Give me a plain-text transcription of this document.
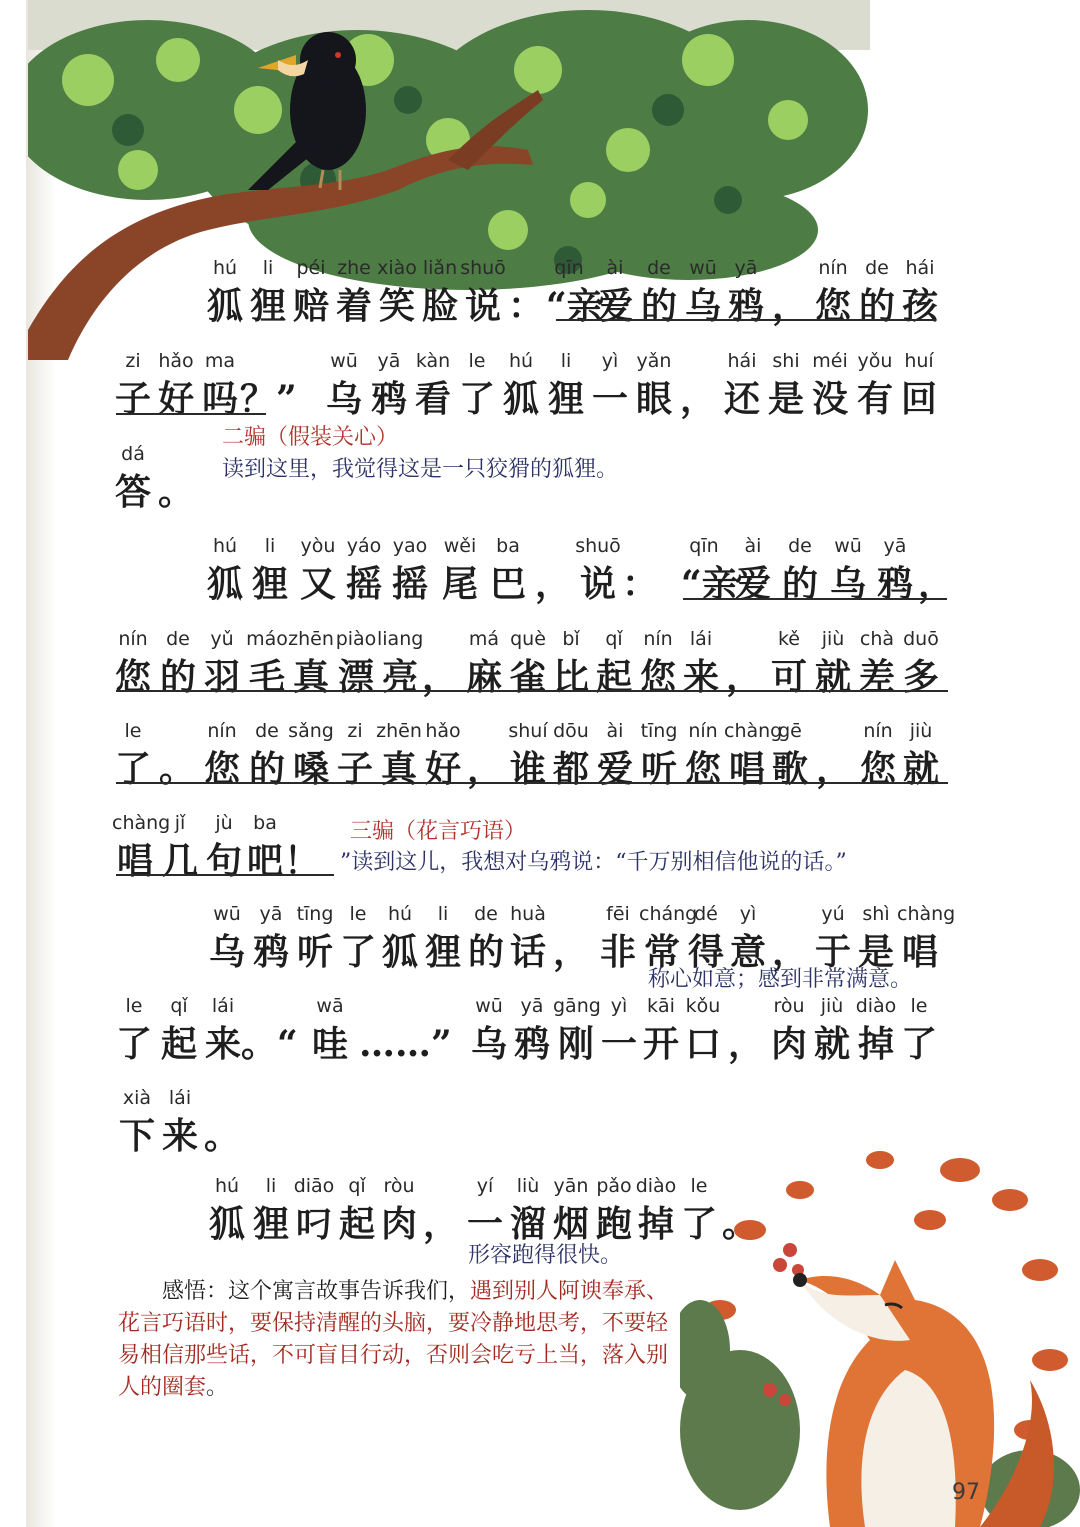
hú
狐
li
狸
péi
赔
zhe
着
xiào
笑
liǎn
脸
shuō
说 ：
qīn
“亲
ài
爱
de
的
wū
乌
yā
鸦 ，
nín
您
de
的
hái
孩
zi
子
hǎo
好
ma
吗 ？”
wū
乌
yā
鸦
kàn
看
le
了
hú
狐
li
狸
yì
一
yǎn
眼 ，
hái
还
shi
是
méi
没
yǒu
有
huí
回
dá
答 。
hú
狐
li
狸
yòu
又
yáo
摇
yao
摇
wěi
尾
ba
巴 ，
shuō
说 ：
qīn
“亲
ài
爱
de
的
wū
乌
yā
鸦 ，
nín
您
de
的
yǔ
羽
máo
毛
zhēn
真
piào
漂
liang
亮 ，
má
麻
què
雀
bǐ
比
qǐ
起
nín
您
lái
来 ，
kě
可
jiù
就
chà
差
duō
多
le
了 。
nín
您
de
的
sǎng
嗓
zi
子
zhēn
真
hǎo
好 ，
shuí
谁
dōu
都
ài
爱
tīng
听
nín
您
chàng
唱
gē
歌 ，
nín
您
jiù
就
chàng
唱
jǐ
几
jù
句
ba
吧 ！
wū
乌
yā
鸦
tīng
听
le
了
hú
狐
li
狸
de
的
huà
话 ，
fēi
非
cháng
常
dé
得
yì
意 ，
yú
于
shì
是
chàng
唱
le
了
qǐ
起
lái
来 。“
wā
哇 ……”
wū
乌
yā
鸦
gāng
刚
yì
一
kāi
开
kǒu
口 ，
ròu
肉
jiù
就
diào
掉
le
了
xià
下
lái
来 。
hú
狐
li
狸
diāo
叼
qǐ
起
ròu
肉 ，
yí
一
liù
溜
yān
烟
pǎo
跑
diào
掉
le
了 。
二骗（假装关心）
读到这里，我觉得这是一只狡猾的狐狸。
三骗（花言巧语）
”读到这儿，我想对乌鸦说：“千万别相信他说的话。”
称心如意；感到非常满意。
形容跑得很快。
感悟：这个寓言故事告诉我们，遇到别人阿谀奉承、花言巧语时，要保持清醒的头脑，要冷静地思考，不要轻易相信那些话，不可盲目行动，否则会吃亏上当，落入别人的圈套。
97
